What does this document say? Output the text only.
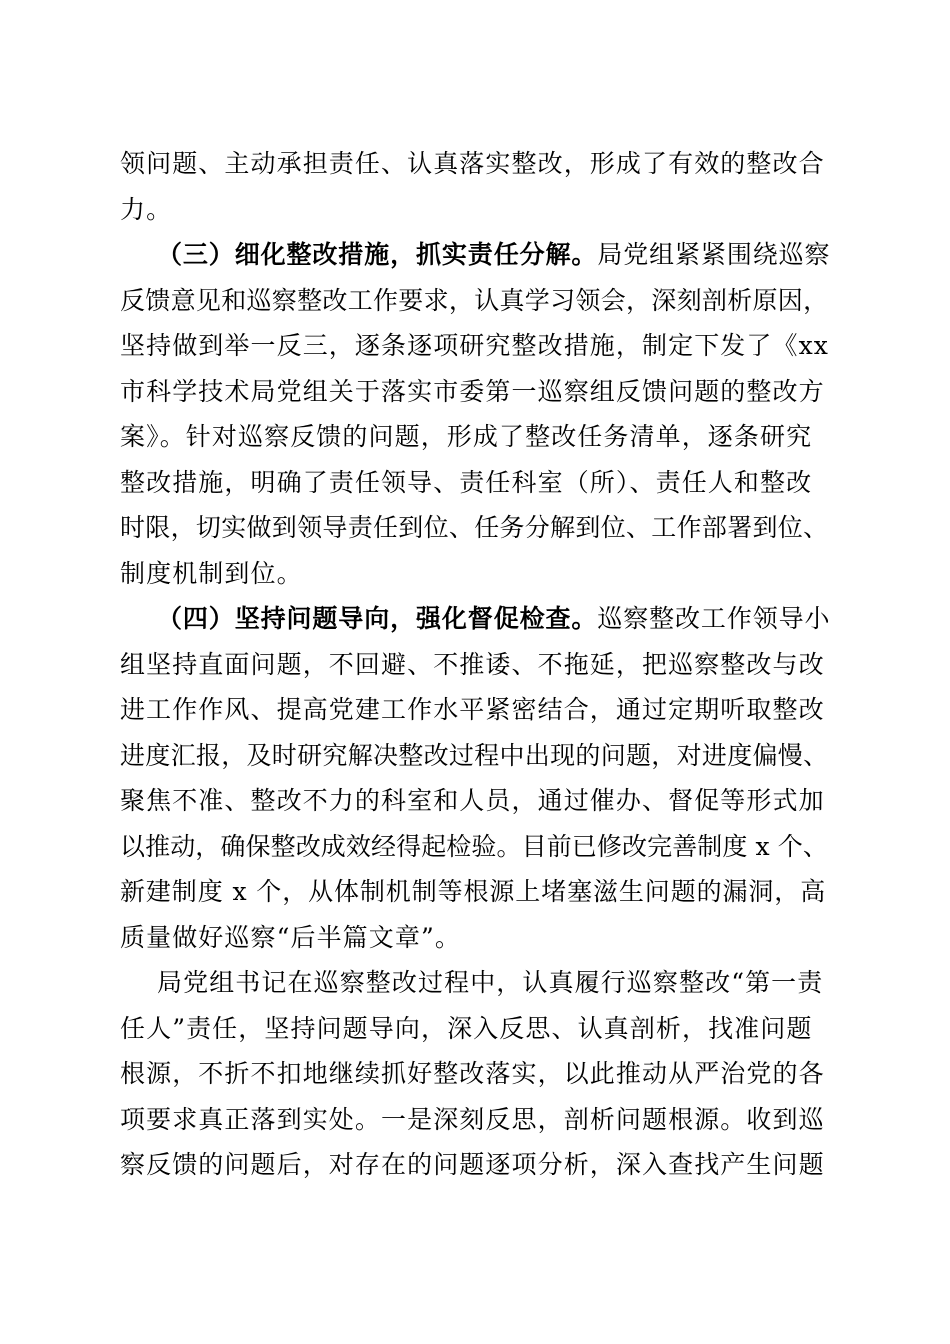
领问题、主动承担责任、认真落实整改，形成了有效的整改合
力。
（三）细化整改措施，抓实责任分解。局党组紧紧围绕巡察
反馈意见和巡察整改工作要求，认真学习领会，深刻剖析原因，
坚持做到举一反三，逐条逐项研究整改措施，制定下发了《xx
市科学技术局党组关于落实市委第一巡察组反馈问题的整改方
案》。针对巡察反馈的问题，形成了整改任务清单，逐条研究
整改措施，明确了责任领导、责任科室（所）、责任人和整改
时限，切实做到领导责任到位、任务分解到位、工作部署到位、
制度机制到位。
（四）坚持问题导向，强化督促检查。巡察整改工作领导小
组坚持直面问题，不回避、不推诿、不拖延，把巡察整改与改
进工作作风、提高党建工作水平紧密结合，通过定期听取整改
进度汇报，及时研究解决整改过程中出现的问题，对进度偏慢、
聚焦不准、整改不力的科室和人员，通过催办、督促等形式加
以推动，确保整改成效经得起检验。目前已修改完善制度 x 个、
新建制度 x 个，从体制机制等根源上堵塞滋生问题的漏洞，高
质量做好巡察“后半篇文章”。
局党组书记在巡察整改过程中，认真履行巡察整改“第一责
任人”责任，坚持问题导向，深入反思、认真剖析，找准问题
根源，不折不扣地继续抓好整改落实，以此推动从严治党的各
项要求真正落到实处。一是深刻反思，剖析问题根源。收到巡
察反馈的问题后，对存在的问题逐项分析，深入查找产生问题
